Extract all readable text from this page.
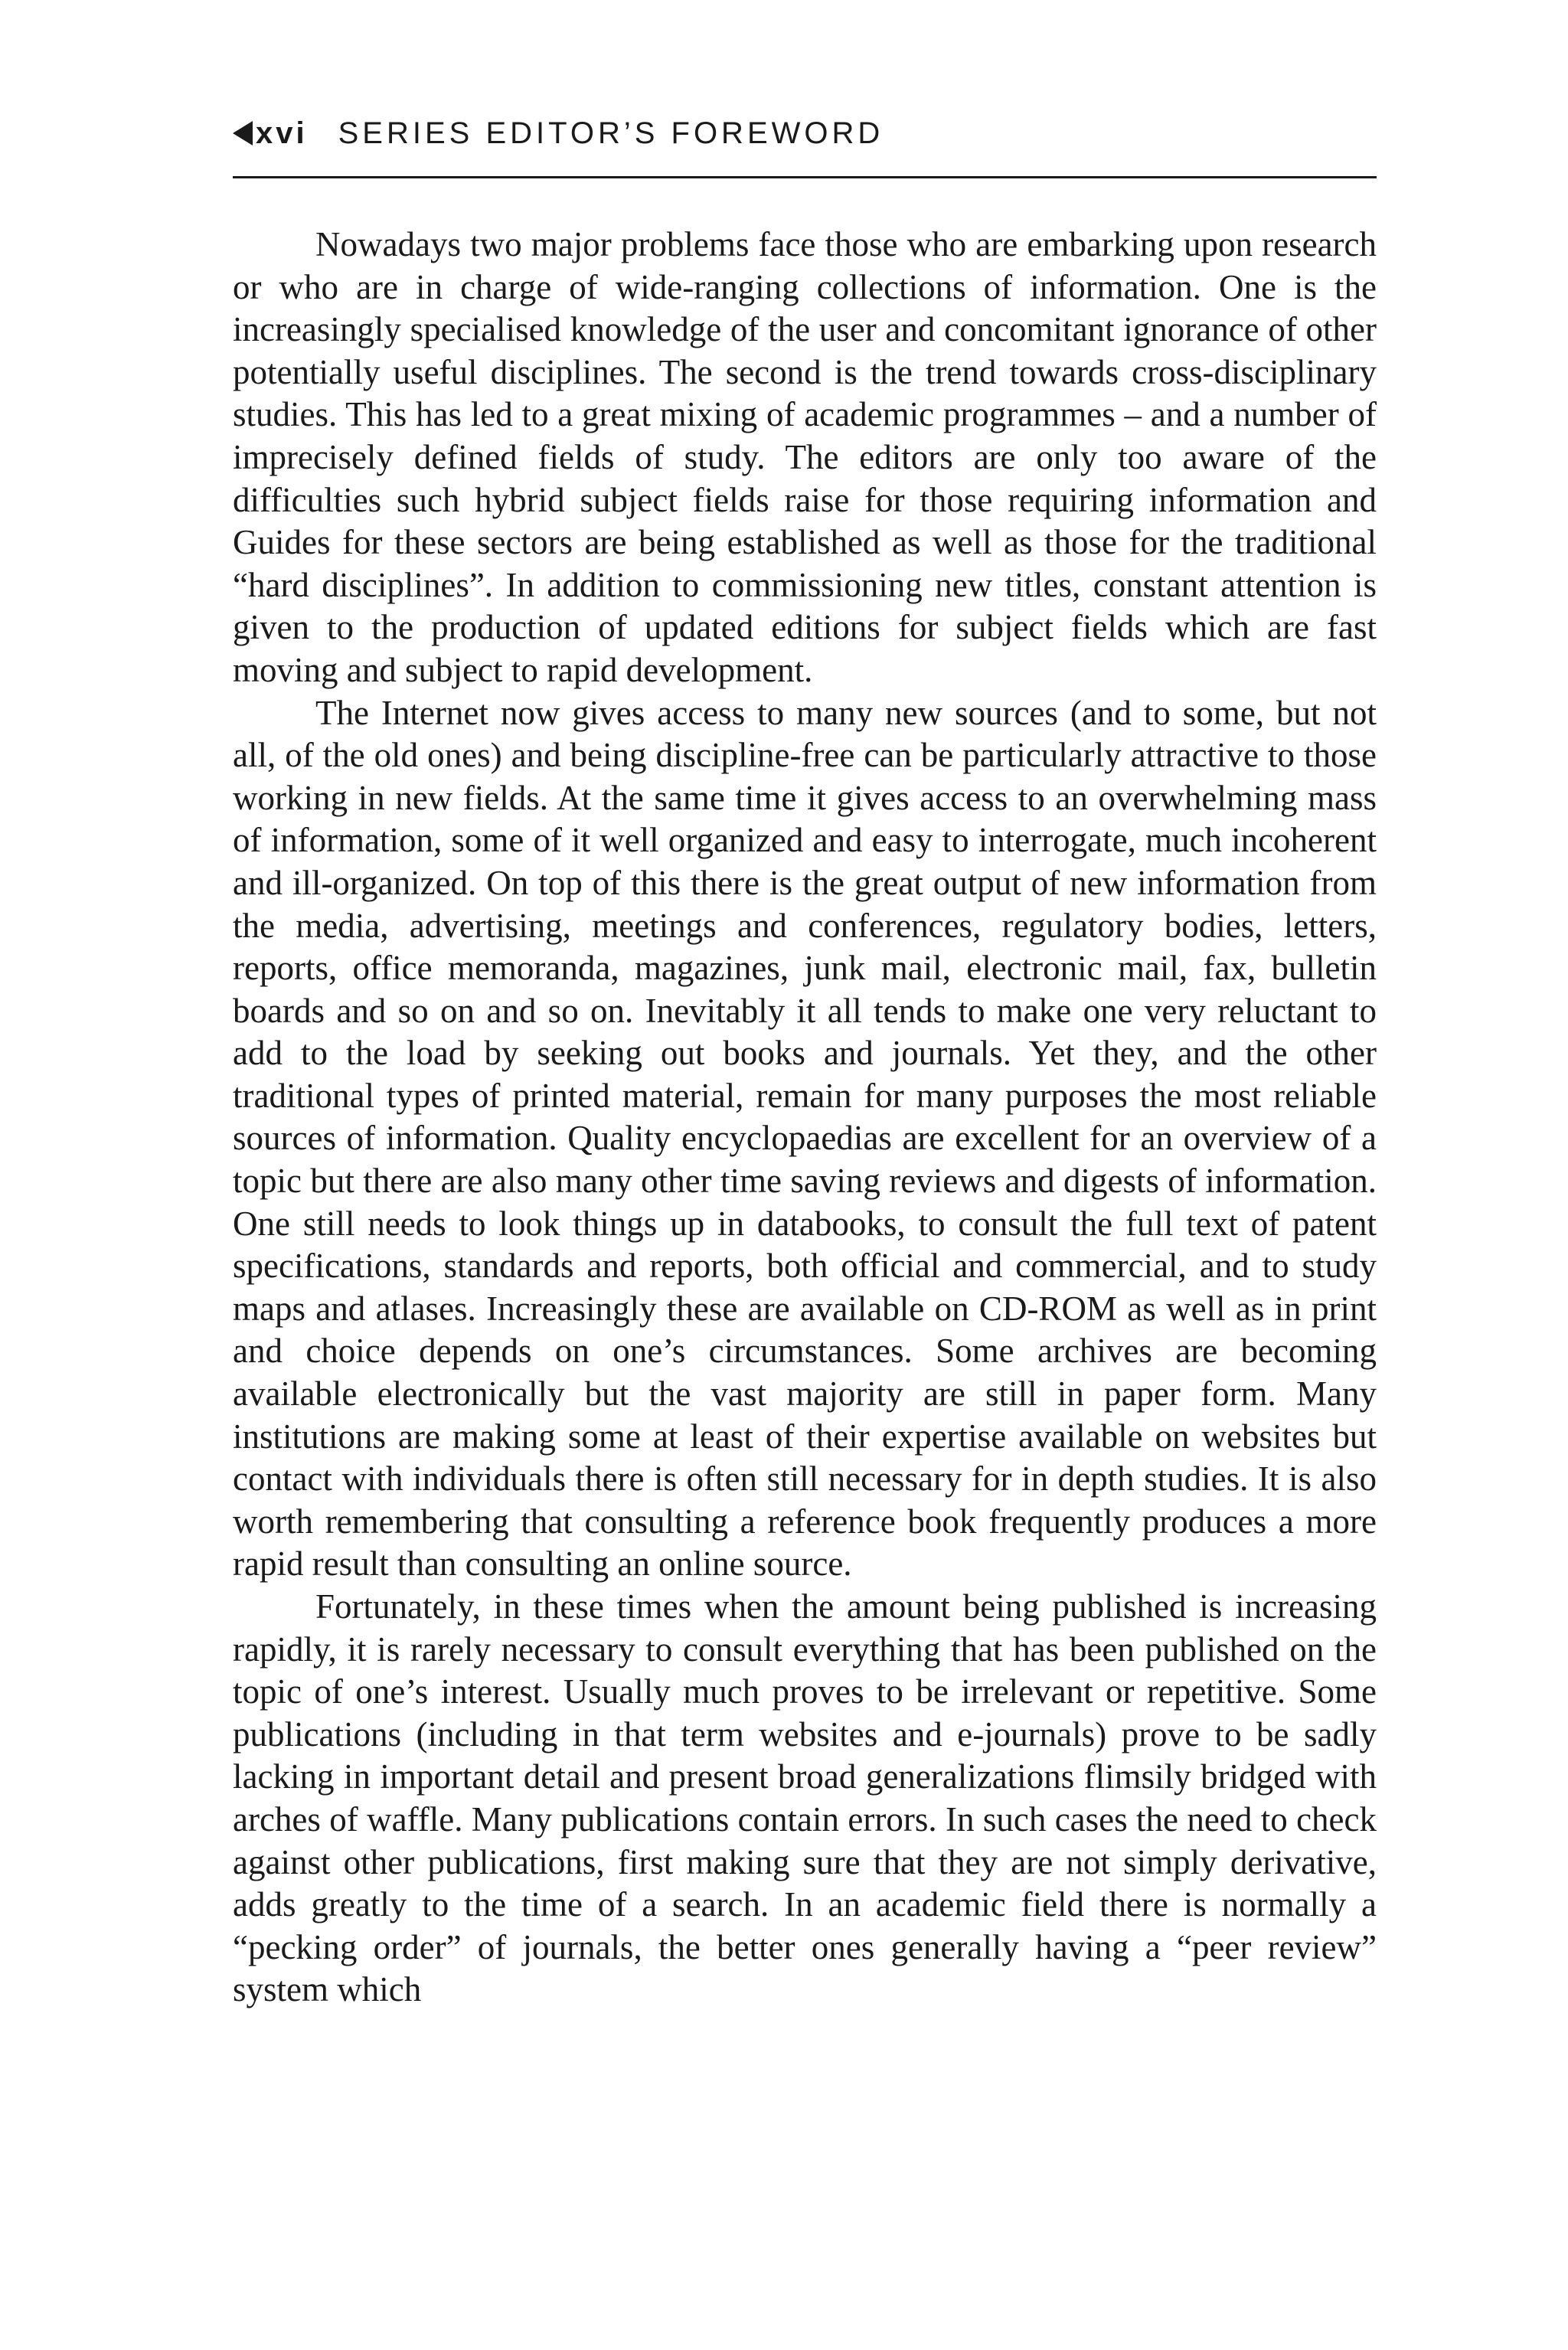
xvi SERIES EDITOR’S FOREWORD

Nowadays two major problems face those who are embarking upon research or who are in charge of wide-ranging collections of information. One is the increasingly specialised knowledge of the user and concomitant ignorance of other potentially useful disciplines. The second is the trend towards cross-disciplinary studies. This has led to a great mixing of academic programmes – and a number of imprecisely defined fields of study. The editors are only too aware of the difficulties such hybrid subject fields raise for those requiring information and Guides for these sectors are being established as well as those for the traditional “hard disciplines”. In addition to commissioning new titles, constant attention is given to the production of updated editions for subject fields which are fast moving and subject to rapid development.

The Internet now gives access to many new sources (and to some, but not all, of the old ones) and being discipline-free can be particularly attractive to those working in new fields. At the same time it gives access to an overwhelming mass of information, some of it well organized and easy to interrogate, much incoherent and ill-organized. On top of this there is the great output of new information from the media, advertising, meetings and conferences, regulatory bodies, letters, reports, office memoranda, magazines, junk mail, electronic mail, fax, bulletin boards and so on and so on. Inevitably it all tends to make one very reluctant to add to the load by seeking out books and journals. Yet they, and the other traditional types of printed material, remain for many purposes the most reliable sources of information. Quality encyclopaedias are excellent for an overview of a topic but there are also many other time saving reviews and digests of information. One still needs to look things up in databooks, to consult the full text of patent specifications, standards and reports, both official and commercial, and to study maps and atlases. Increasingly these are available on CD-ROM as well as in print and choice depends on one’s circumstances. Some archives are becoming available electronically but the vast majority are still in paper form. Many institutions are making some at least of their expertise available on websites but contact with individuals there is often still necessary for in depth studies. It is also worth remembering that consulting a reference book frequently produces a more rapid result than consulting an online source.

Fortunately, in these times when the amount being published is increasing rapidly, it is rarely necessary to consult everything that has been published on the topic of one’s interest. Usually much proves to be irrelevant or repetitive. Some publications (including in that term websites and e-journals) prove to be sadly lacking in important detail and present broad generalizations flimsily bridged with arches of waffle. Many publications contain errors. In such cases the need to check against other publications, first making sure that they are not simply derivative, adds greatly to the time of a search. In an academic field there is normally a “pecking order” of journals, the better ones generally having a “peer review” system which
